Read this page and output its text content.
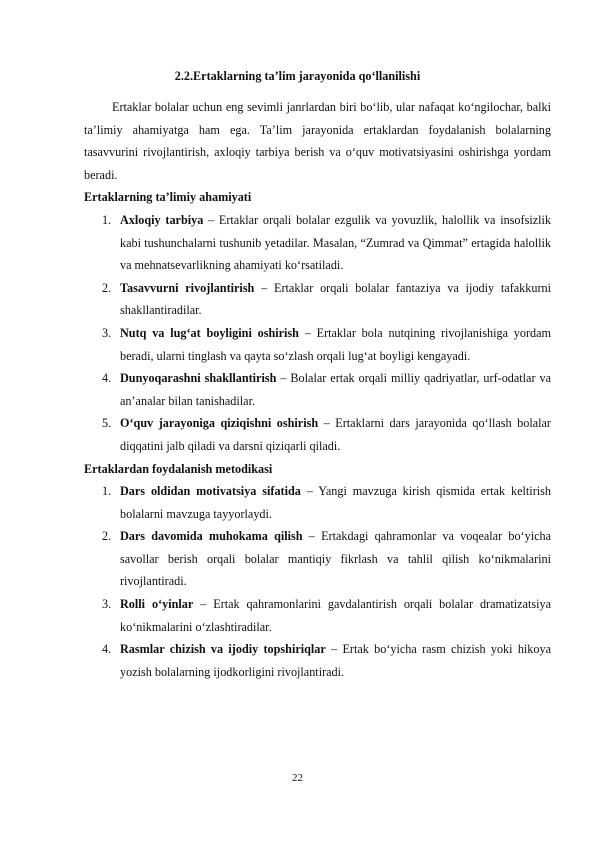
2.2.Ertaklarning ta’lim jarayonida qo‘llanilishi

Ertaklar bolalar uchun eng sevimli janrlardan biri bo‘lib, ular nafaqat ko‘ngilochar, balki ta’limiy ahamiyatga ham ega. Ta’lim jarayonida ertaklardan foydalanish bolalarning tasavvurini rivojlantirish, axloqiy tarbiya berish va o‘quv motivatsiyasini oshirishga yordam beradi.

Ertaklarning ta’limiy ahamiyati

1. Axloqiy tarbiya – Ertaklar orqali bolalar ezgulik va yovuzlik, halollik va insofsizlik kabi tushunchalarni tushunib yetadilar. Masalan, “Zumrad va Qimmat” ertagida halollik va mehnatsevarlikning ahamiyati ko‘rsatiladi.
2. Tasavvurni rivojlantirish – Ertaklar orqali bolalar fantaziya va ijodiy tafakkurni shakllantiradilar.
3. Nutq va lug‘at boyligini oshirish – Ertaklar bola nutqining rivojlanishiga yordam beradi, ularni tinglash va qayta so‘zlash orqali lug‘at boyligi kengayadi.
4. Dunyoqarashni shakllantirish – Bolalar ertak orqali milliy qadriyatlar, urf-odatlar va an’analar bilan tanishadilar.
5. O‘quv jarayoniga qiziqishni oshirish – Ertaklarni dars jarayonida qo‘llash bolalar diqqatini jalb qiladi va darsni qiziqarli qiladi.

Ertaklardan foydalanish metodikasi

1. Dars oldidan motivatsiya sifatida – Yangi mavzuga kirish qismida ertak keltirish bolalarni mavzuga tayyorlaydi.
2. Dars davomida muhokama qilish – Ertakdagi qahramonlar va voqealar bo‘yicha savollar berish orqali bolalar mantiqiy fikrlash va tahlil qilish ko‘nikmalarini rivojlantiradi.
3. Rolli o‘yinlar – Ertak qahramonlarini gavdalantirish orqali bolalar dramatizatsiya ko‘nikmalarini o‘zlashtiradilar.
4. Rasmlar chizish va ijodiy topshiriqlar – Ertak bo‘yicha rasm chizish yoki hikoya yozish bolalarning ijodkorligini rivojlantiradi.
22
